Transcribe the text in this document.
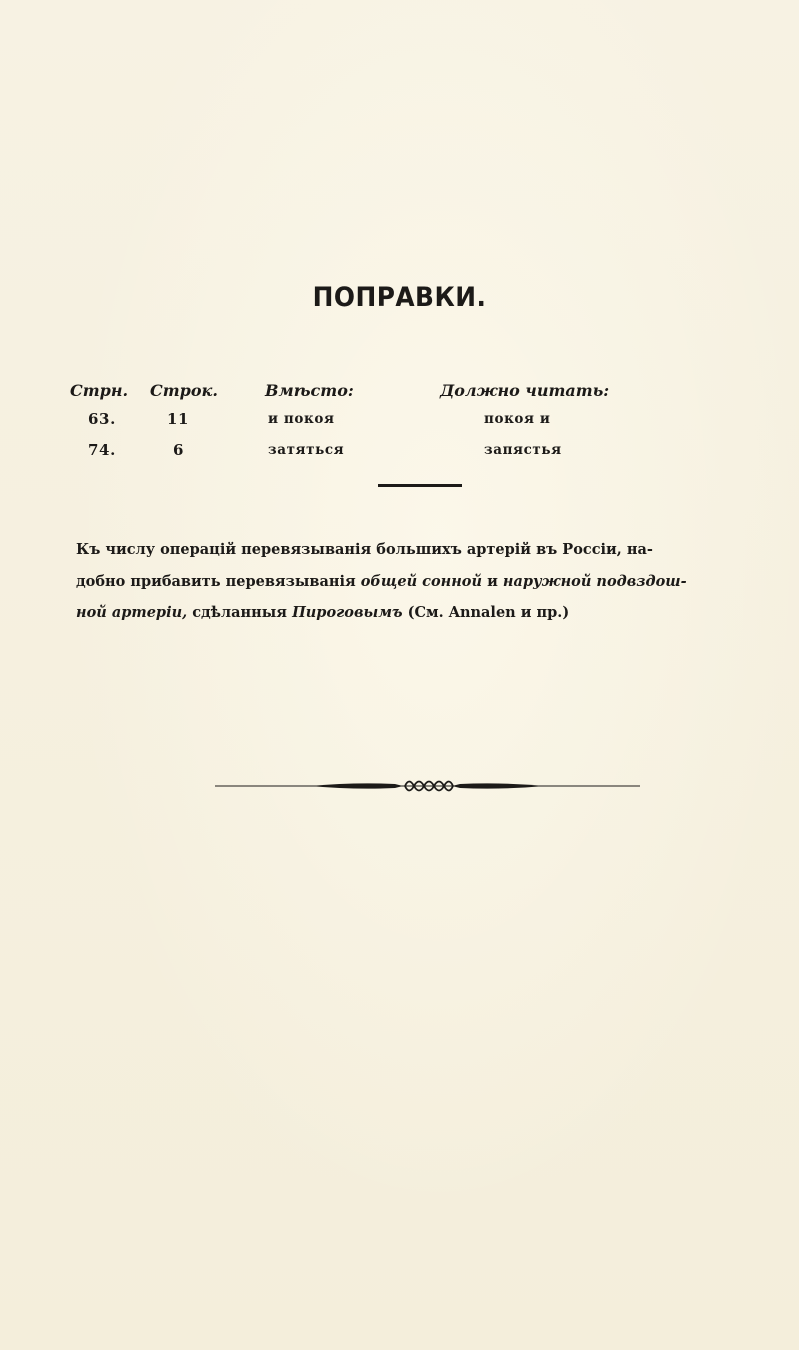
ПОПРАВКИ.
Стрн. Строк.	Вмѣсто:	Должно читать:
63.	11	и покоя	покоя и
74.	6	затяться	запястья
Къ числу операцій перевязыванія большихъ артерій въ Россіи, на-
добно прибавить перевязыванія общей сонной и наружной подвздош-
ной артеріи, сдѣланныя Пироговымъ (См. Annalen и пр.)
